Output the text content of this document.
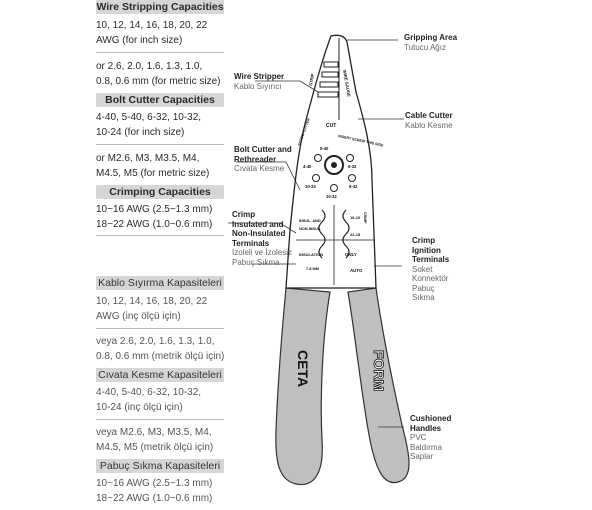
Wire Stripping Capacities
10, 12, 14, 16, 18, 20, 22
AWG (for inch size)
or 2.6, 2.0, 1.6, 1.3, 1.0,
0.8, 0.6 mm (for metric size)
Bolt Cutter Capacities
4-40, 5-40, 6-32, 10-32,
10-24 (for inch size)
or M2.6, M3, M3.5, M4,
M4.5, M5 (for metric size)
Crimping Capacities
10~16 AWG (2.5~1.3 mm)
18~22 AWG (1.0~0.6 mm)
Kablo Sıyırma Kapasiteleri
10, 12, 14, 16, 18, 20, 22
AWG (inç ölçü için)
veya 2.6, 2.0, 1.6, 1.3, 1.0,
0.8, 0.6 mm (metrik ölçü için)
Cıvata Kesme Kapasiteleri
4-40, 5-40, 6-32, 10-32,
10-24 (inç ölçü için)
veya M2.6, M3, M3.5, M4,
M4.5, M5 (metrik ölçü için)
Pabuç Sıkma Kapasiteleri
10~16 AWG (2.5~1.3 mm)
18~22 AWG (1.0~0.6 mm)
WIRE GAUGE
STRIP
CUT
INSERT SCREW THIS SIDE
SCREW CUTTER
5-40
4-40	6-32
10-24	8-32
10-32
INSUL. AND
NON-INSUL.
16-10
22-18
CRIMP
INSULATION	ONLY
7-8 MM	AUTO
CETA	FORM
Gripping Area
Tutucu Ağız
Wire Stripper
Kablo Sıyırıcı
Cable Cutter
Kablo Kesme
Bolt Cutter and
Rethreader
Cıvata Kesme
Crimp
Insulated and
Non-Insulated
Terminals
İzoleli ve İzolesiz
Pabuç Sıkma
Crimp
Ignition
Terminals
Soket
Konnektör
Pabuç
Sıkma
Cushioned
Handles
PVC
Baldırma
Saplar
